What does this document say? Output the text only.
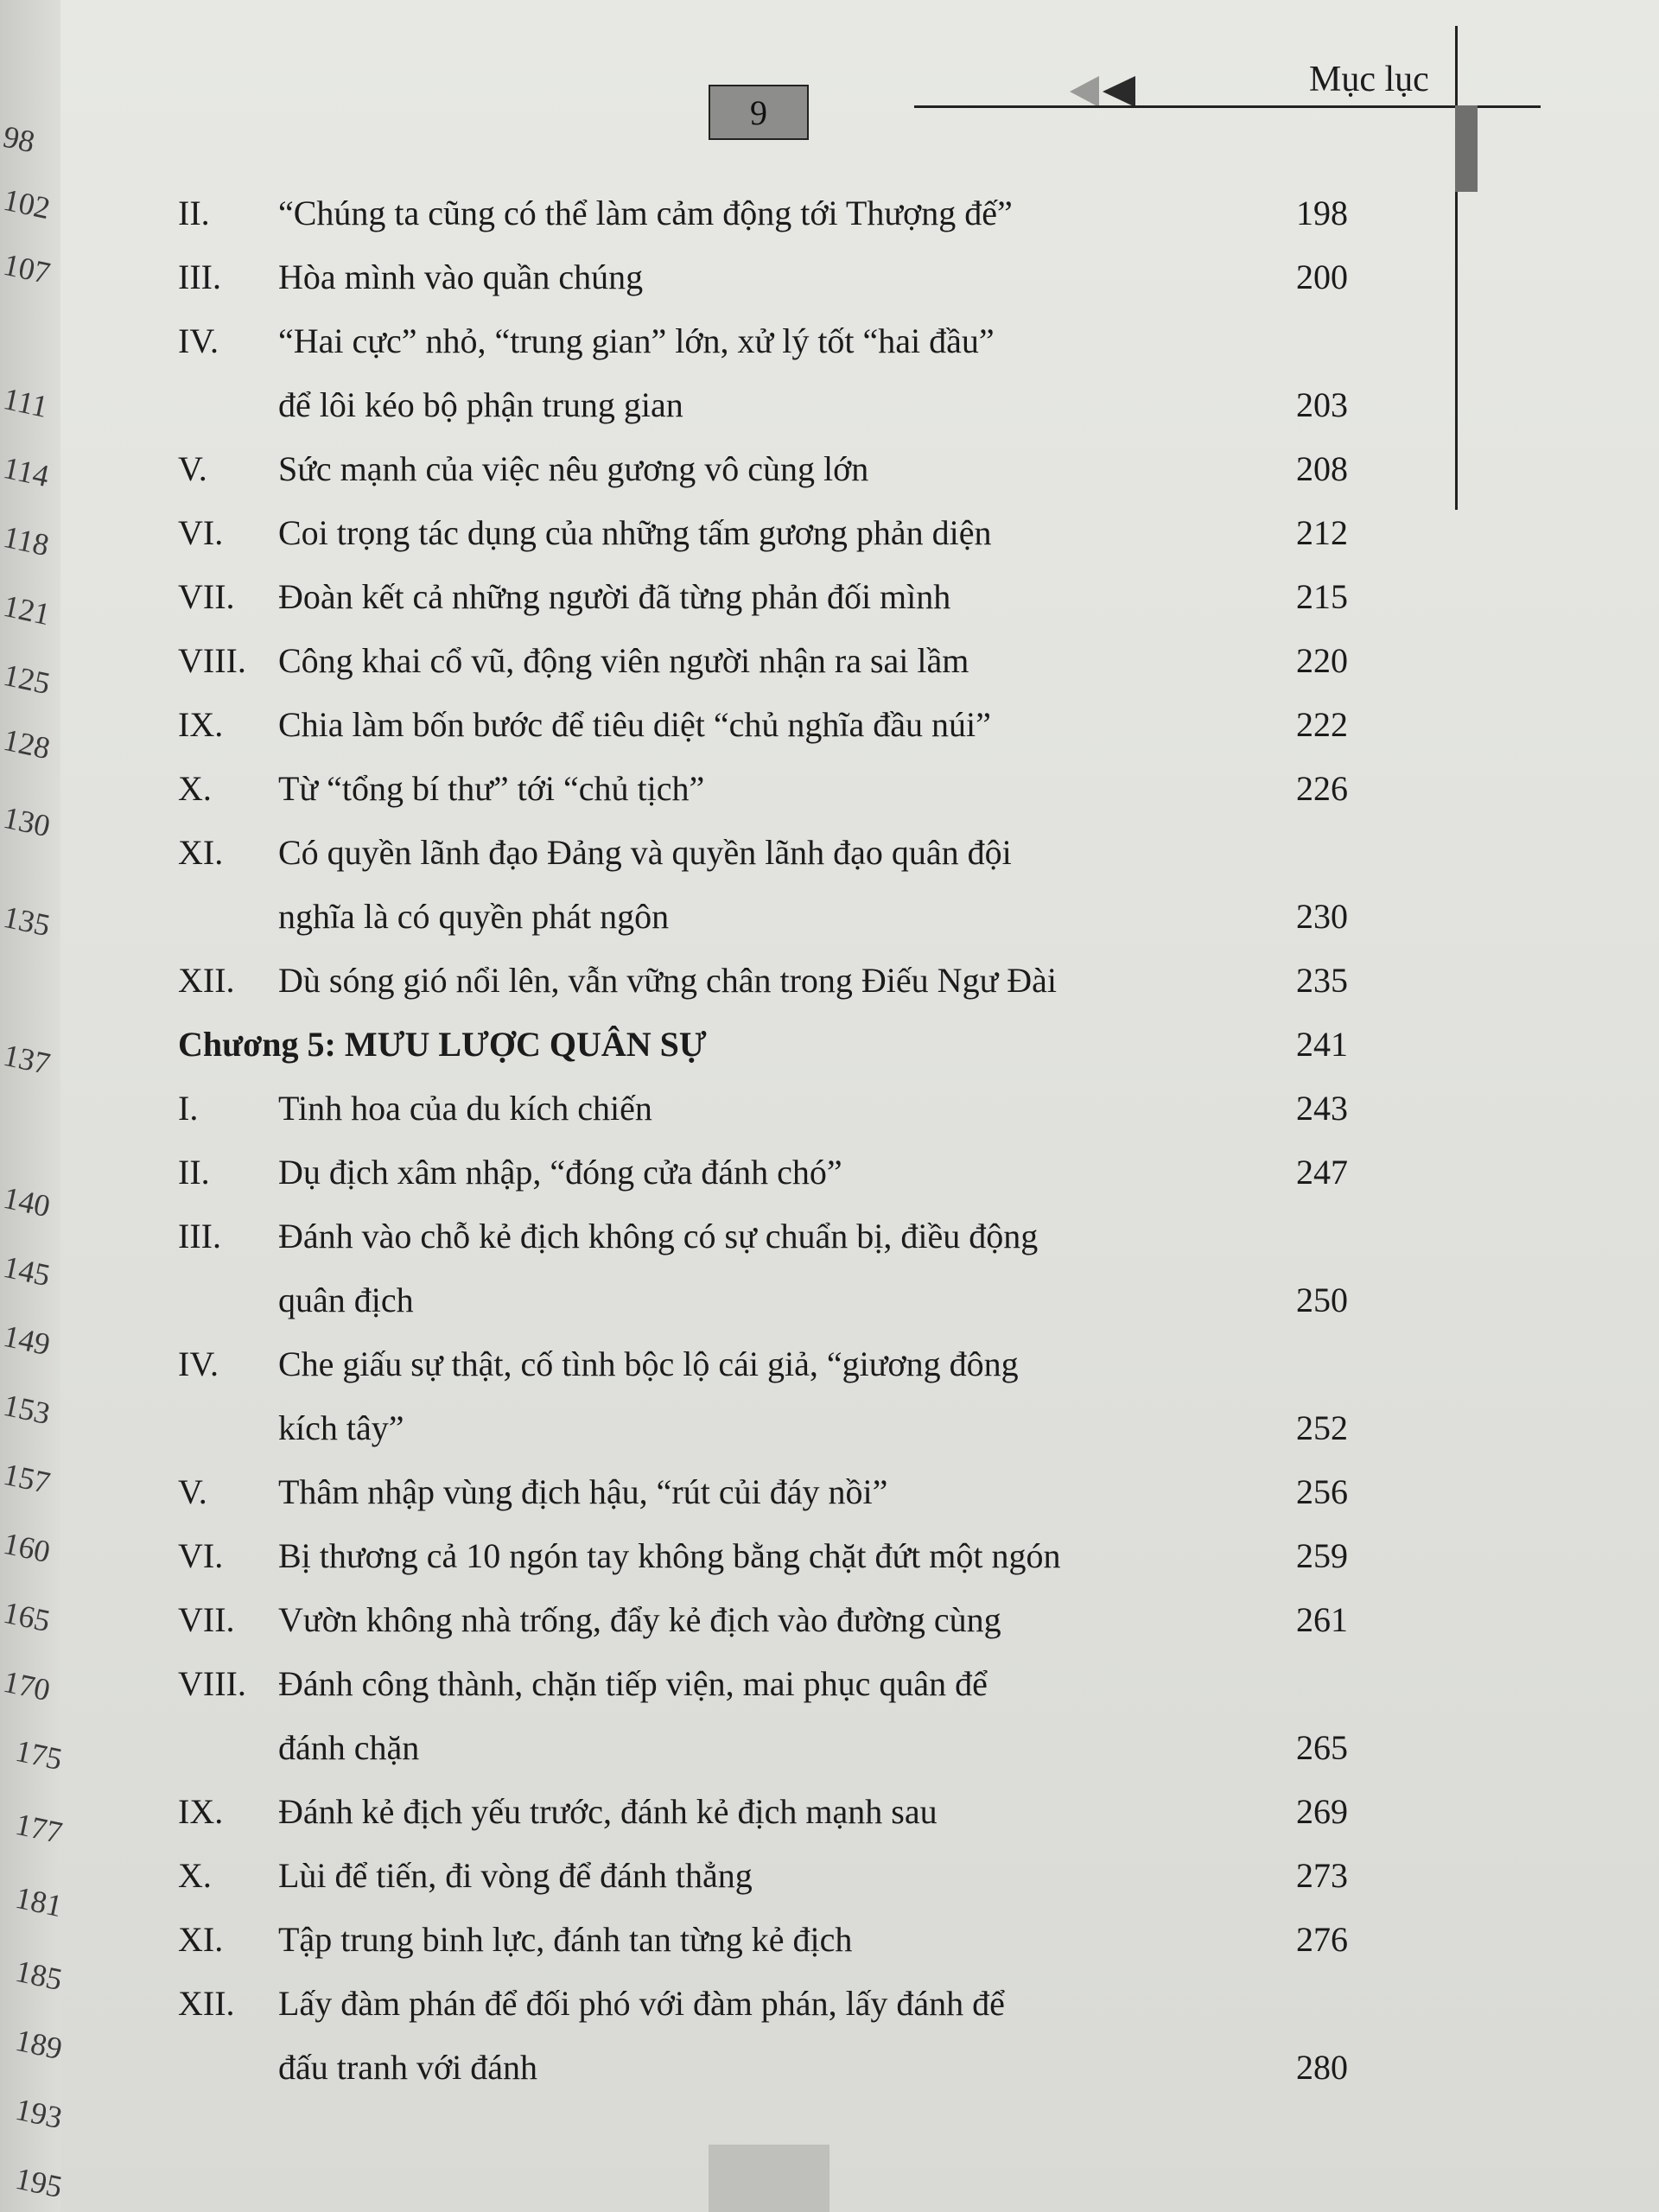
98
102
107
111
114
118
121
125
128
130
135
137
140
145
149
153
157
160
165
170
175
177
181
185
189
193
195
9
Mục lục
II. “Chúng ta cũng có thể làm cảm động tới Thượng đế”	198
III. Hòa mình vào quần chúng	200
IV. “Hai cực” nhỏ, “trung gian” lớn, xử lý tốt “hai đầu”
để lôi kéo bộ phận trung gian	203
V. Sức mạnh của việc nêu gương vô cùng lớn	208
VI. Coi trọng tác dụng của những tấm gương phản diện	212
VII. Đoàn kết cả những người đã từng phản đối mình	215
VIII. Công khai cổ vũ, động viên người nhận ra sai lầm	220
IX. Chia làm bốn bước để tiêu diệt “chủ nghĩa đầu núi”	222
X. Từ “tổng bí thư” tới “chủ tịch”	226
XI. Có quyền lãnh đạo Đảng và quyền lãnh đạo quân đội
nghĩa là có quyền phát ngôn	230
XII. Dù sóng gió nổi lên, vẫn vững chân trong Điếu Ngư Đài	235
Chương 5: MƯU LƯỢC QUÂN SỰ	241
I. Tinh hoa của du kích chiến	243
II. Dụ địch xâm nhập, “đóng cửa đánh chó”	247
III. Đánh vào chỗ kẻ địch không có sự chuẩn bị, điều động
quân địch	250
IV. Che giấu sự thật, cố tình bộc lộ cái giả, “giương đông
kích tây”	252
V. Thâm nhập vùng địch hậu, “rút củi đáy nồi”	256
VI. Bị thương cả 10 ngón tay không bằng chặt đứt một ngón	259
VII. Vườn không nhà trống, đẩy kẻ địch vào đường cùng	261
VIII. Đánh công thành, chặn tiếp viện, mai phục quân để
đánh chặn	265
IX. Đánh kẻ địch yếu trước, đánh kẻ địch mạnh sau	269
X. Lùi để tiến, đi vòng để đánh thẳng	273
XI. Tập trung binh lực, đánh tan từng kẻ địch	276
XII. Lấy đàm phán để đối phó với đàm phán, lấy đánh để
đấu tranh với đánh	280
